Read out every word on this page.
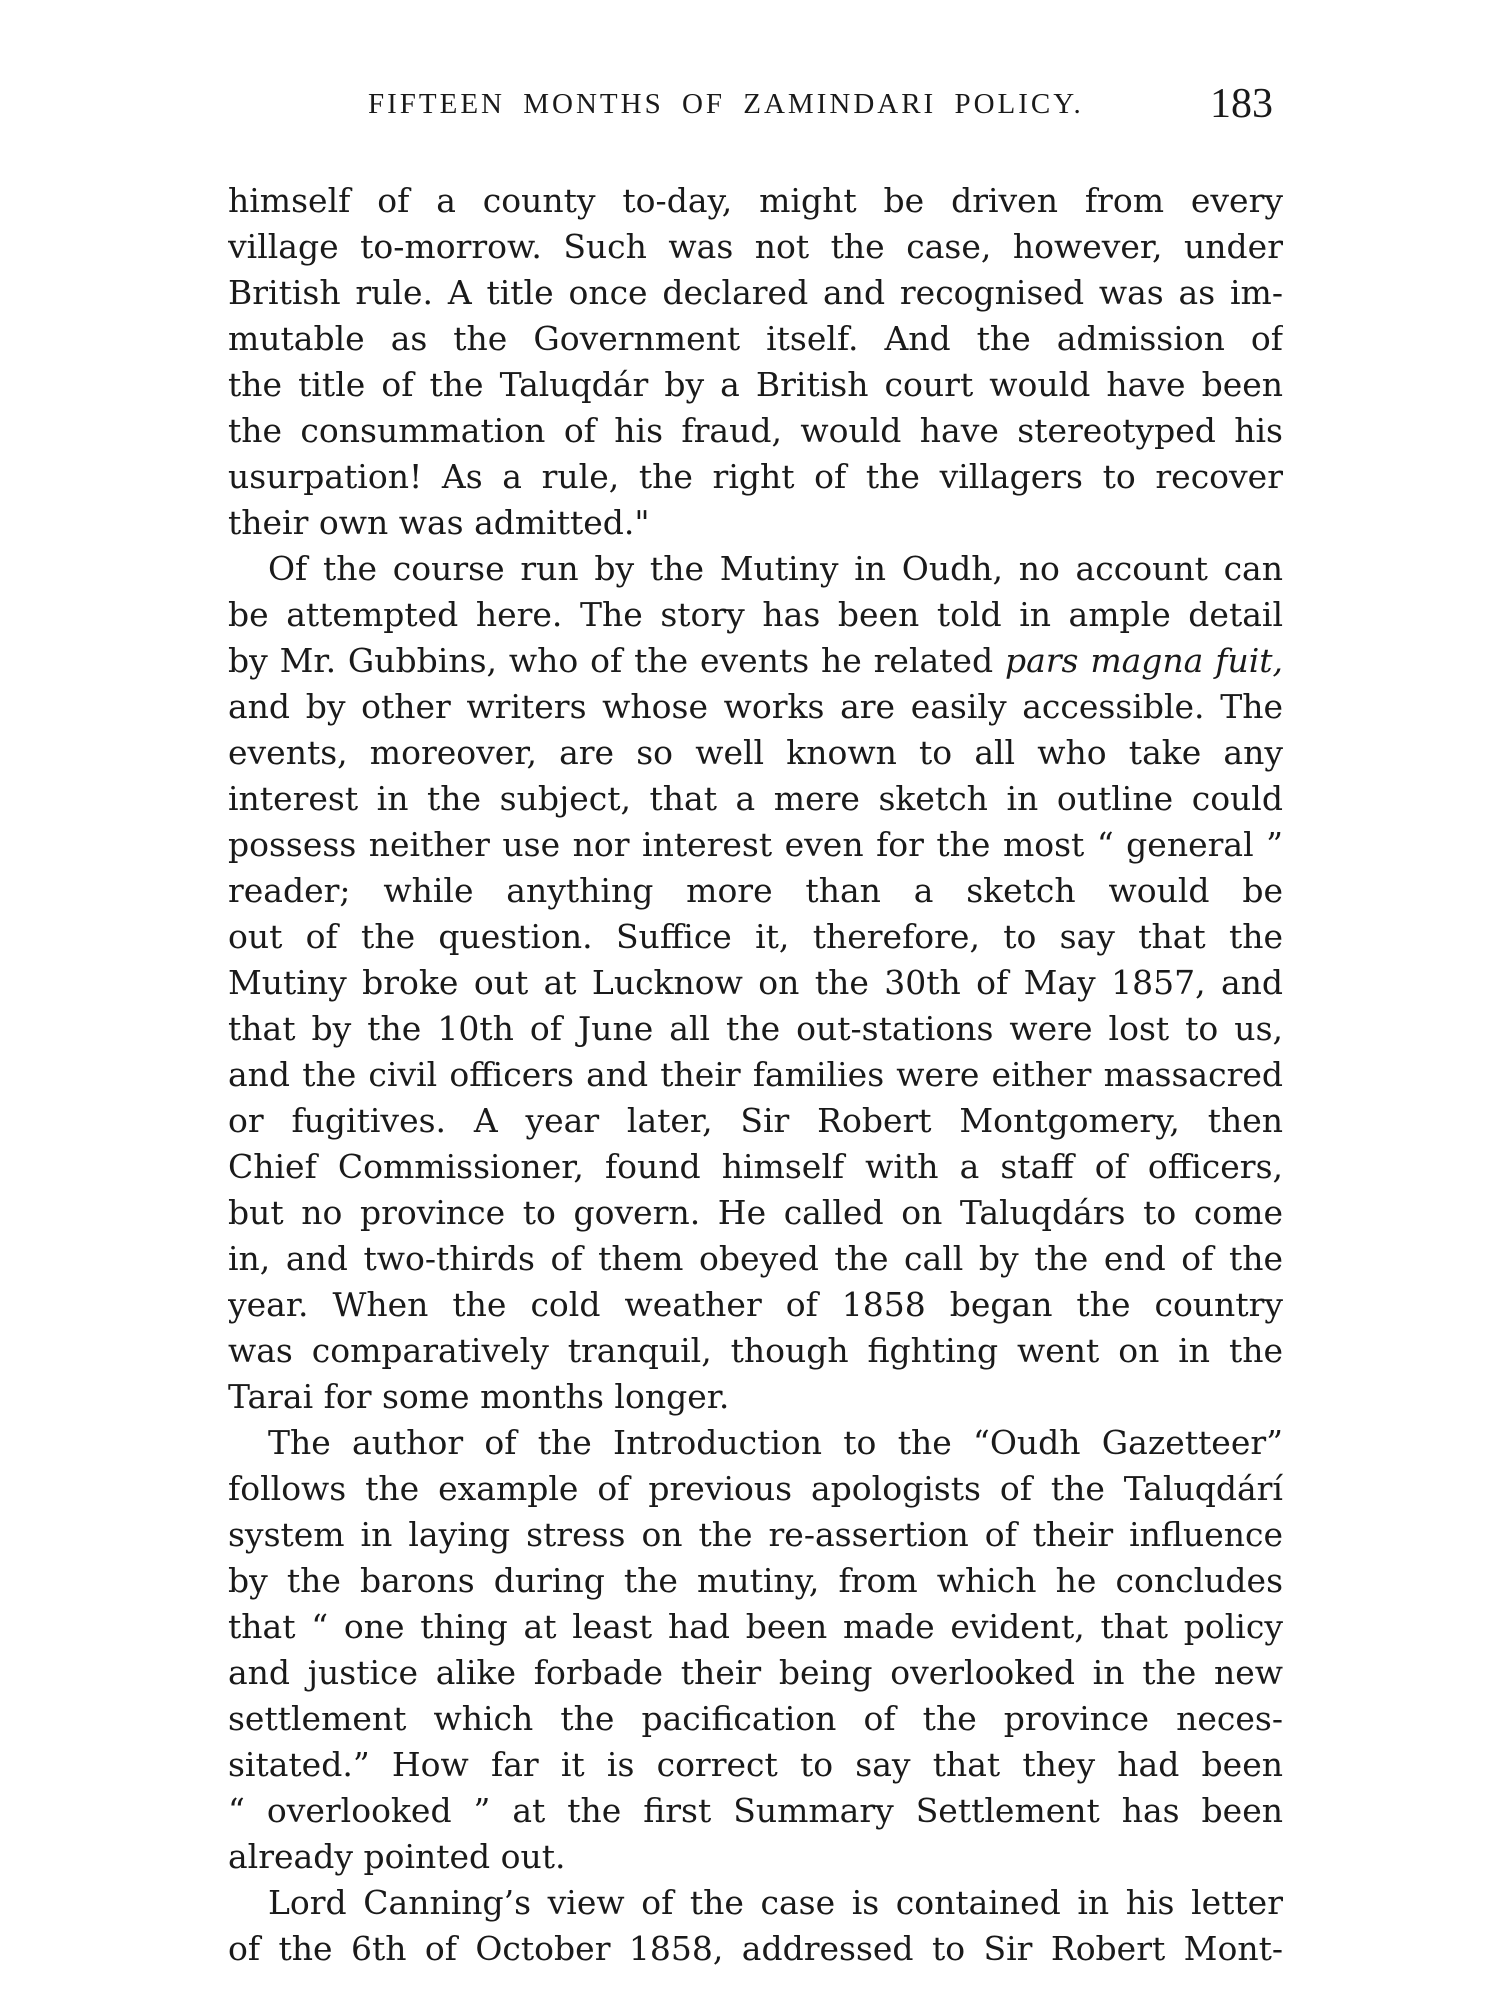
FIFTEEN MONTHS OF ZAMINDARI POLICY.	183
himself of a county to-day, might be driven from every
village to-morrow. Such was not the case, however, under
British rule. A title once declared and recognised was as im-
mutable as the Government itself. And the admission of
the title of the Taluqdár by a British court would have been
the consummation of his fraud, would have stereotyped his
usurpation! As a rule, the right of the villagers to recover
their own was admitted."
Of the course run by the Mutiny in Oudh, no account can
be attempted here. The story has been told in ample detail
by Mr. Gubbins, who of the events he related pars magna fuit,
and by other writers whose works are easily accessible. The
events, moreover, are so well known to all who take any
interest in the subject, that a mere sketch in outline could
possess neither use nor interest even for the most “ general ”
reader; while anything more than a sketch would be
out of the question. Suffice it, therefore, to say that the
Mutiny broke out at Lucknow on the 30th of May 1857, and
that by the 10th of June all the out-stations were lost to us,
and the civil officers and their families were either massacred
or fugitives. A year later, Sir Robert Montgomery, then
Chief Commissioner, found himself with a staff of officers,
but no province to govern. He called on Taluqdárs to come
in, and two-thirds of them obeyed the call by the end of the
year. When the cold weather of 1858 began the country
was comparatively tranquil, though fighting went on in the
Tarai for some months longer.
The author of the Introduction to the “Oudh Gazetteer”
follows the example of previous apologists of the Taluqdárí
system in laying stress on the re-assertion of their influence
by the barons during the mutiny, from which he concludes
that “ one thing at least had been made evident, that policy
and justice alike forbade their being overlooked in the new
settlement which the pacification of the province neces-
sitated.” How far it is correct to say that they had been
“ overlooked ” at the first Summary Settlement has been
already pointed out.
Lord Canning’s view of the case is contained in his letter
of the 6th of October 1858, addressed to Sir Robert Mont-
